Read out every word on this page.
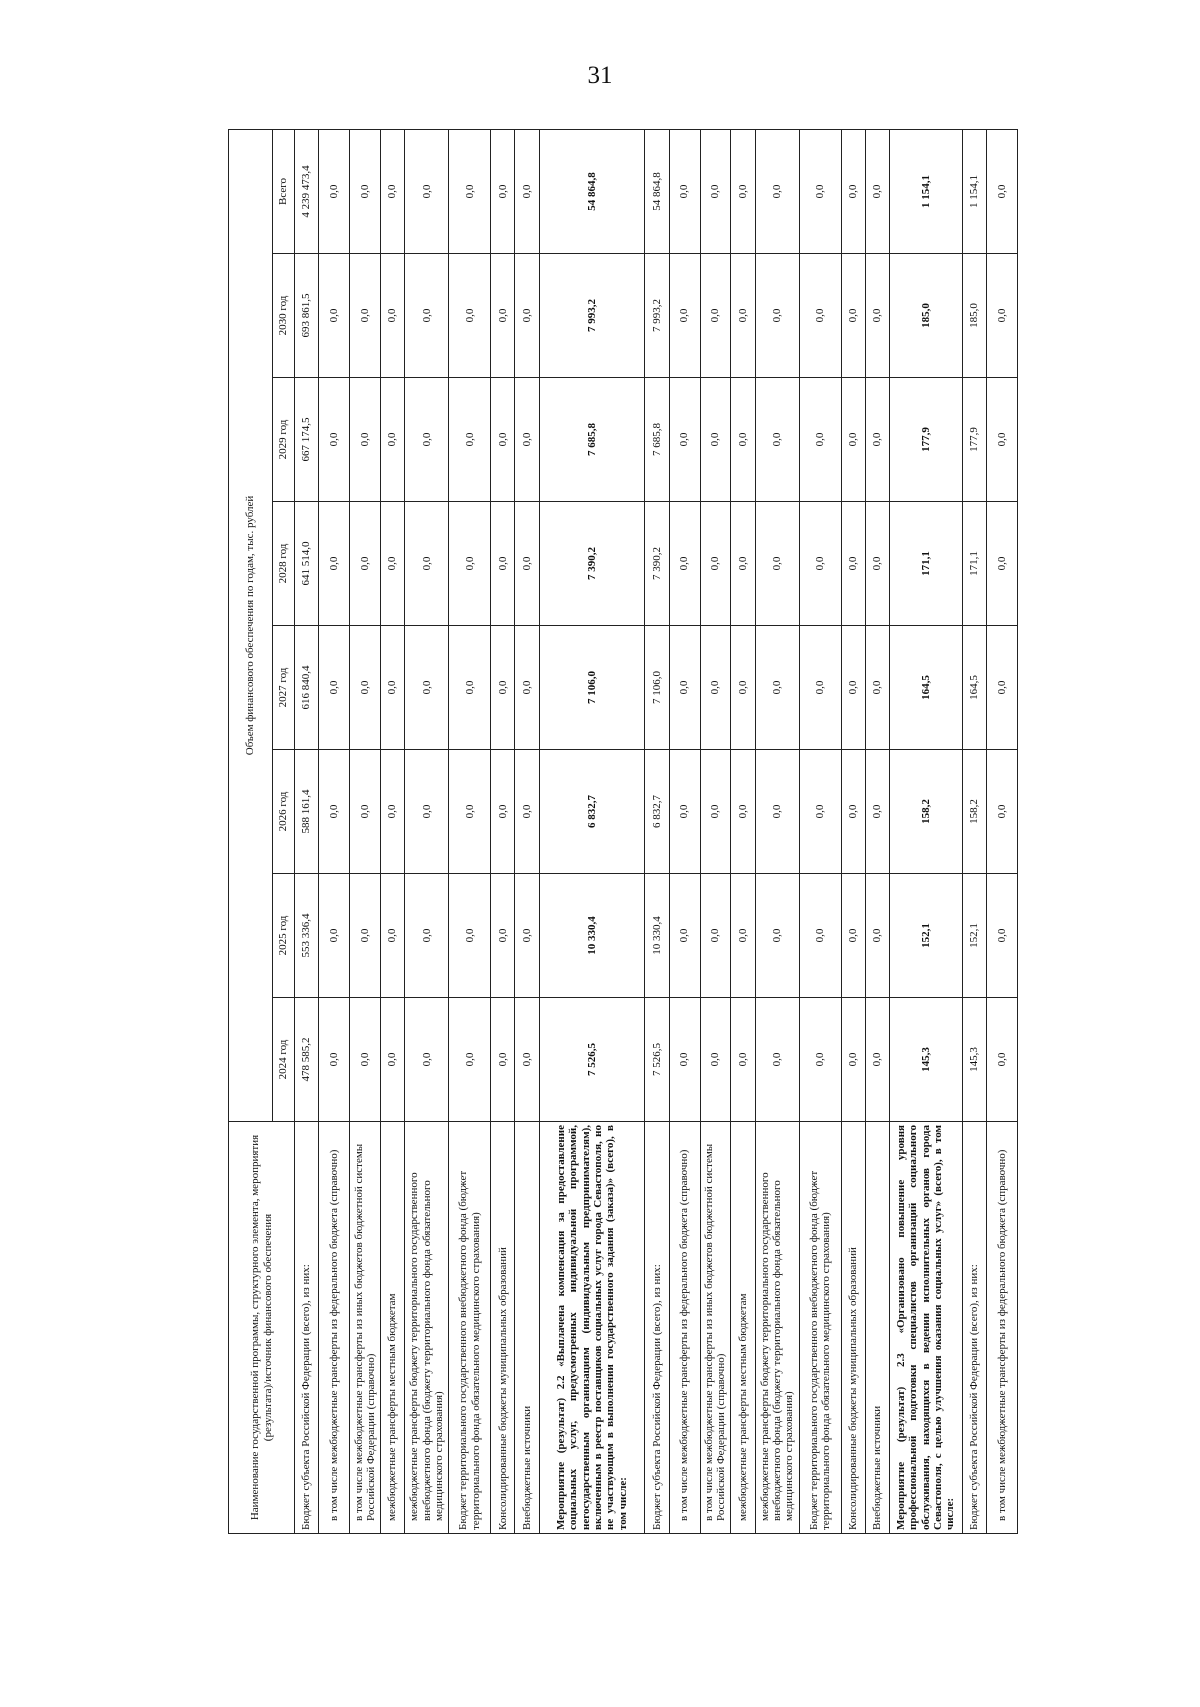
31
Наименование государственной программы, структурного элемента, мероприятия (результата)/источник финансового обеспечения	Объем финансового обеспечения по годам, тыс. рублей							
	2024 год	2025 год	2026 год	2027 год	2028 год	2029 год	2030 год	Всего
Бюджет субъекта Российской Федерации (всего), из них:	478 585,2	553 336,4	588 161,4	616 840,4	641 514,0	667 174,5	693 861,5	4 239 473,4
в том числе межбюджетные трансферты из федерального бюджета (справочно)	0,0	0,0	0,0	0,0	0,0	0,0	0,0	0,0
в том числе межбюджетные трансферты из иных бюджетов бюджетной системы Российской Федерации (справочно)	0,0	0,0	0,0	0,0	0,0	0,0	0,0	0,0
межбюджетные трансферты местным бюджетам	0,0	0,0	0,0	0,0	0,0	0,0	0,0	0,0
межбюджетные трансферты бюджету территориального государственного внебюджетного фонда (бюджету территориального фонда обязательного медицинского страхования)	0,0	0,0	0,0	0,0	0,0	0,0	0,0	0,0
Бюджет территориального государственного внебюджетного фонда (бюджет территориального фонда обязательного медицинского страхования)	0,0	0,0	0,0	0,0	0,0	0,0	0,0	0,0
Консолидированные бюджеты муниципальных образований	0,0	0,0	0,0	0,0	0,0	0,0	0,0	0,0
Внебюджетные источники	0,0	0,0	0,0	0,0	0,0	0,0	0,0	0,0
Мероприятие (результат) 2.2 «Выплачена компенсация за предоставление социальных услуг, предусмотренных индивидуальной программой, негосударственным организациям (индивидуальным предпринимателям), включенным в реестр поставщиков социальных услуг города Севастополя, но не участвующим в выполнении государственного задания (заказа)» (всего), в том числе:	7 526,5	10 330,4	6 832,7	7 106,0	7 390,2	7 685,8	7 993,2	54 864,8
Бюджет субъекта Российской Федерации (всего), из них:	7 526,5	10 330,4	6 832,7	7 106,0	7 390,2	7 685,8	7 993,2	54 864,8
в том числе межбюджетные трансферты из федерального бюджета (справочно)	0,0	0,0	0,0	0,0	0,0	0,0	0,0	0,0
в том числе межбюджетные трансферты из иных бюджетов бюджетной системы Российской Федерации (справочно)	0,0	0,0	0,0	0,0	0,0	0,0	0,0	0,0
межбюджетные трансферты местным бюджетам	0,0	0,0	0,0	0,0	0,0	0,0	0,0	0,0
межбюджетные трансферты бюджету территориального государственного внебюджетного фонда (бюджету территориального фонда обязательного медицинского страхования)	0,0	0,0	0,0	0,0	0,0	0,0	0,0	0,0
Бюджет территориального государственного внебюджетного фонда (бюджет территориального фонда обязательного медицинского страхования)	0,0	0,0	0,0	0,0	0,0	0,0	0,0	0,0
Консолидированные бюджеты муниципальных образований	0,0	0,0	0,0	0,0	0,0	0,0	0,0	0,0
Внебюджетные источники	0,0	0,0	0,0	0,0	0,0	0,0	0,0	0,0
Мероприятие (результат) 2.3 «Организовано повышение уровня профессиональной подготовки специалистов организаций социального обслуживания, находящихся в ведении исполнительных органов города Севастополя, с целью улучшения оказания социальных услуг» (всего), в том числе:	145,3	152,1	158,2	164,5	171,1	177,9	185,0	1 154,1
Бюджет субъекта Российской Федерации (всего), из них:	145,3	152,1	158,2	164,5	171,1	177,9	185,0	1 154,1
в том числе межбюджетные трансферты из федерального бюджета (справочно)	0,0	0,0	0,0	0,0	0,0	0,0	0,0	0,0
